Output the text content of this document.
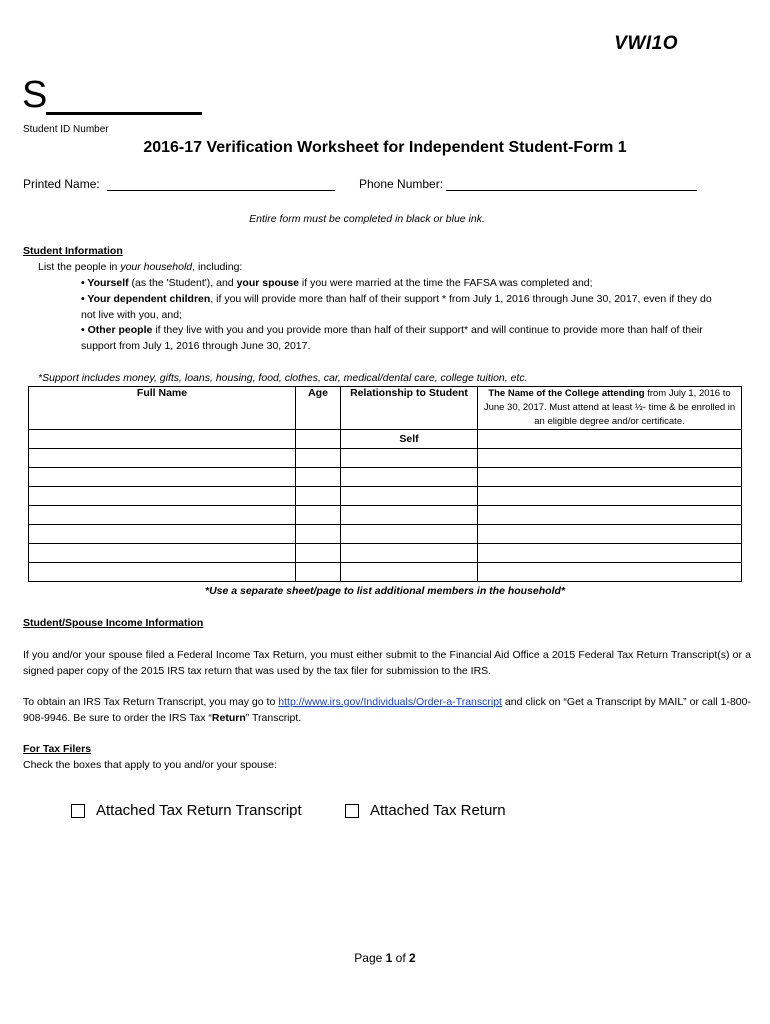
VWI1O
S
Student ID Number
2016-17 Verification Worksheet for Independent Student-Form 1
Printed Name:	Phone Number:
Entire form must be completed in black or blue ink.
Student Information
List the people in your household, including:
• Yourself (as the 'Student'), and your spouse if you were married at the time the FAFSA was completed and;
• Your dependent children, if you will provide more than half of their support * from July 1, 2016 through June 30, 2017, even if they do not live with you, and;
• Other people if they live with you and you provide more than half of their support* and will continue to provide more than half of their support from July 1, 2016 through June 30, 2017.
*Support includes money, gifts, loans, housing, food, clothes, car, medical/dental care, college tuition, etc.
Full Name	Age	Relationship to Student	The Name of the College attending from July 1, 2016 to June 30, 2017. Must attend at least ½- time & be enrolled in an eligible degree and/or certificate.
		Self	

*Use a separate sheet/page to list additional members in the household*
Student/Spouse Income Information
If you and/or your spouse filed a Federal Income Tax Return, you must either submit to the Financial Aid Office a 2015 Federal Tax Return Transcript(s) or a signed paper copy of the 2015 IRS tax return that was used by the tax filer for submission to the IRS.
To obtain an IRS Tax Return Transcript, you may go to http://www.irs.gov/Individuals/Order-a-Transcript and click on “Get a Transcript by MAIL” or call 1-800-908-9946. Be sure to order the IRS Tax “Return” Transcript.
For Tax Filers
Check the boxes that apply to you and/or your spouse:
Attached Tax Return Transcript	Attached Tax Return
Page 1 of 2
